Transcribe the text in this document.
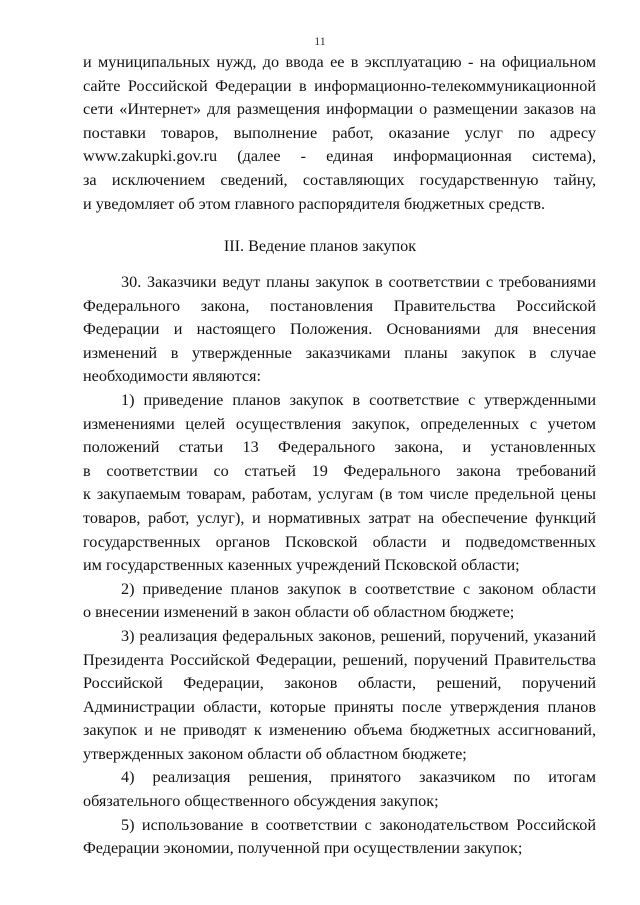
11
и муниципальных нужд, до ввода ее в эксплуатацию - на официальном
сайте Российской Федерации в информационно-телекоммуникационной
сети «Интернет» для размещения информации о размещении заказов на
поставки товаров, выполнение работ, оказание услуг по адресу
www.zakupki.gov.ru (далее - единая информационная система),
за исключением сведений, составляющих государственную тайну,
и уведомляет об этом главного распорядителя бюджетных средств.
III. Ведение планов закупок
30. Заказчики ведут планы закупок в соответствии с требованиями
Федерального закона, постановления Правительства Российской
Федерации и настоящего Положения. Основаниями для внесения
изменений в утвержденные заказчиками планы закупок в случае
необходимости являются:
1) приведение планов закупок в соответствие с утвержденными
изменениями целей осуществления закупок, определенных с учетом
положений статьи 13 Федерального закона, и установленных
в соответствии со статьей 19 Федерального закона требований
к закупаемым товарам, работам, услугам (в том числе предельной цены
товаров, работ, услуг), и нормативных затрат на обеспечение функций
государственных органов Псковской области и подведомственных
им государственных казенных учреждений Псковской области;
2) приведение планов закупок в соответствие с законом области
о внесении изменений в закон области об областном бюджете;
3) реализация федеральных законов, решений, поручений, указаний
Президента Российской Федерации, решений, поручений Правительства
Российской Федерации, законов области, решений, поручений
Администрации области, которые приняты после утверждения планов
закупок и не приводят к изменению объема бюджетных ассигнований,
утвержденных законом области об областном бюджете;
4) реализация решения, принятого заказчиком по итогам
обязательного общественного обсуждения закупок;
5) использование в соответствии с законодательством Российской
Федерации экономии, полученной при осуществлении закупок;
